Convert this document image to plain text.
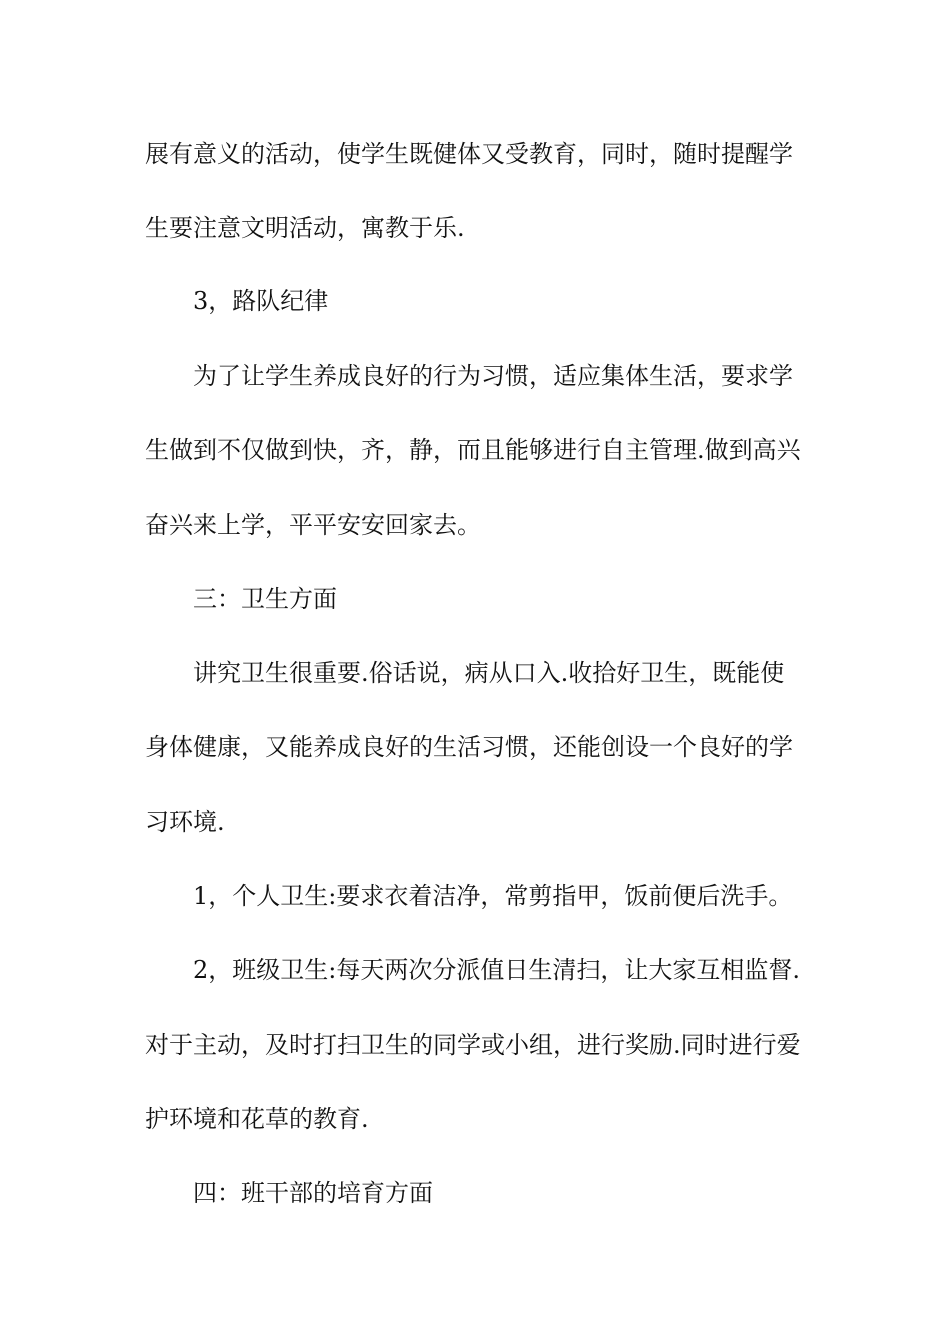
展有意义的活动，使学生既健体又受教育，同时，随时提醒学
生要注意文明活动，寓教于乐.
3，路队纪律
为了让学生养成良好的行为习惯，适应集体生活，要求学
生做到不仅做到快，齐，静，而且能够进行自主管理.做到高兴
奋兴来上学，平平安安回家去。
三：卫生方面
讲究卫生很重要.俗话说，病从口入.收拾好卫生，既能使
身体健康，又能养成良好的生活习惯，还能创设一个良好的学
习环境.
1，个人卫生:要求衣着洁净，常剪指甲，饭前便后洗手。
2，班级卫生:每天两次分派值日生清扫，让大家互相监督.
对于主动，及时打扫卫生的同学或小组，进行奖励.同时进行爱
护环境和花草的教育.
四：班干部的培育方面
